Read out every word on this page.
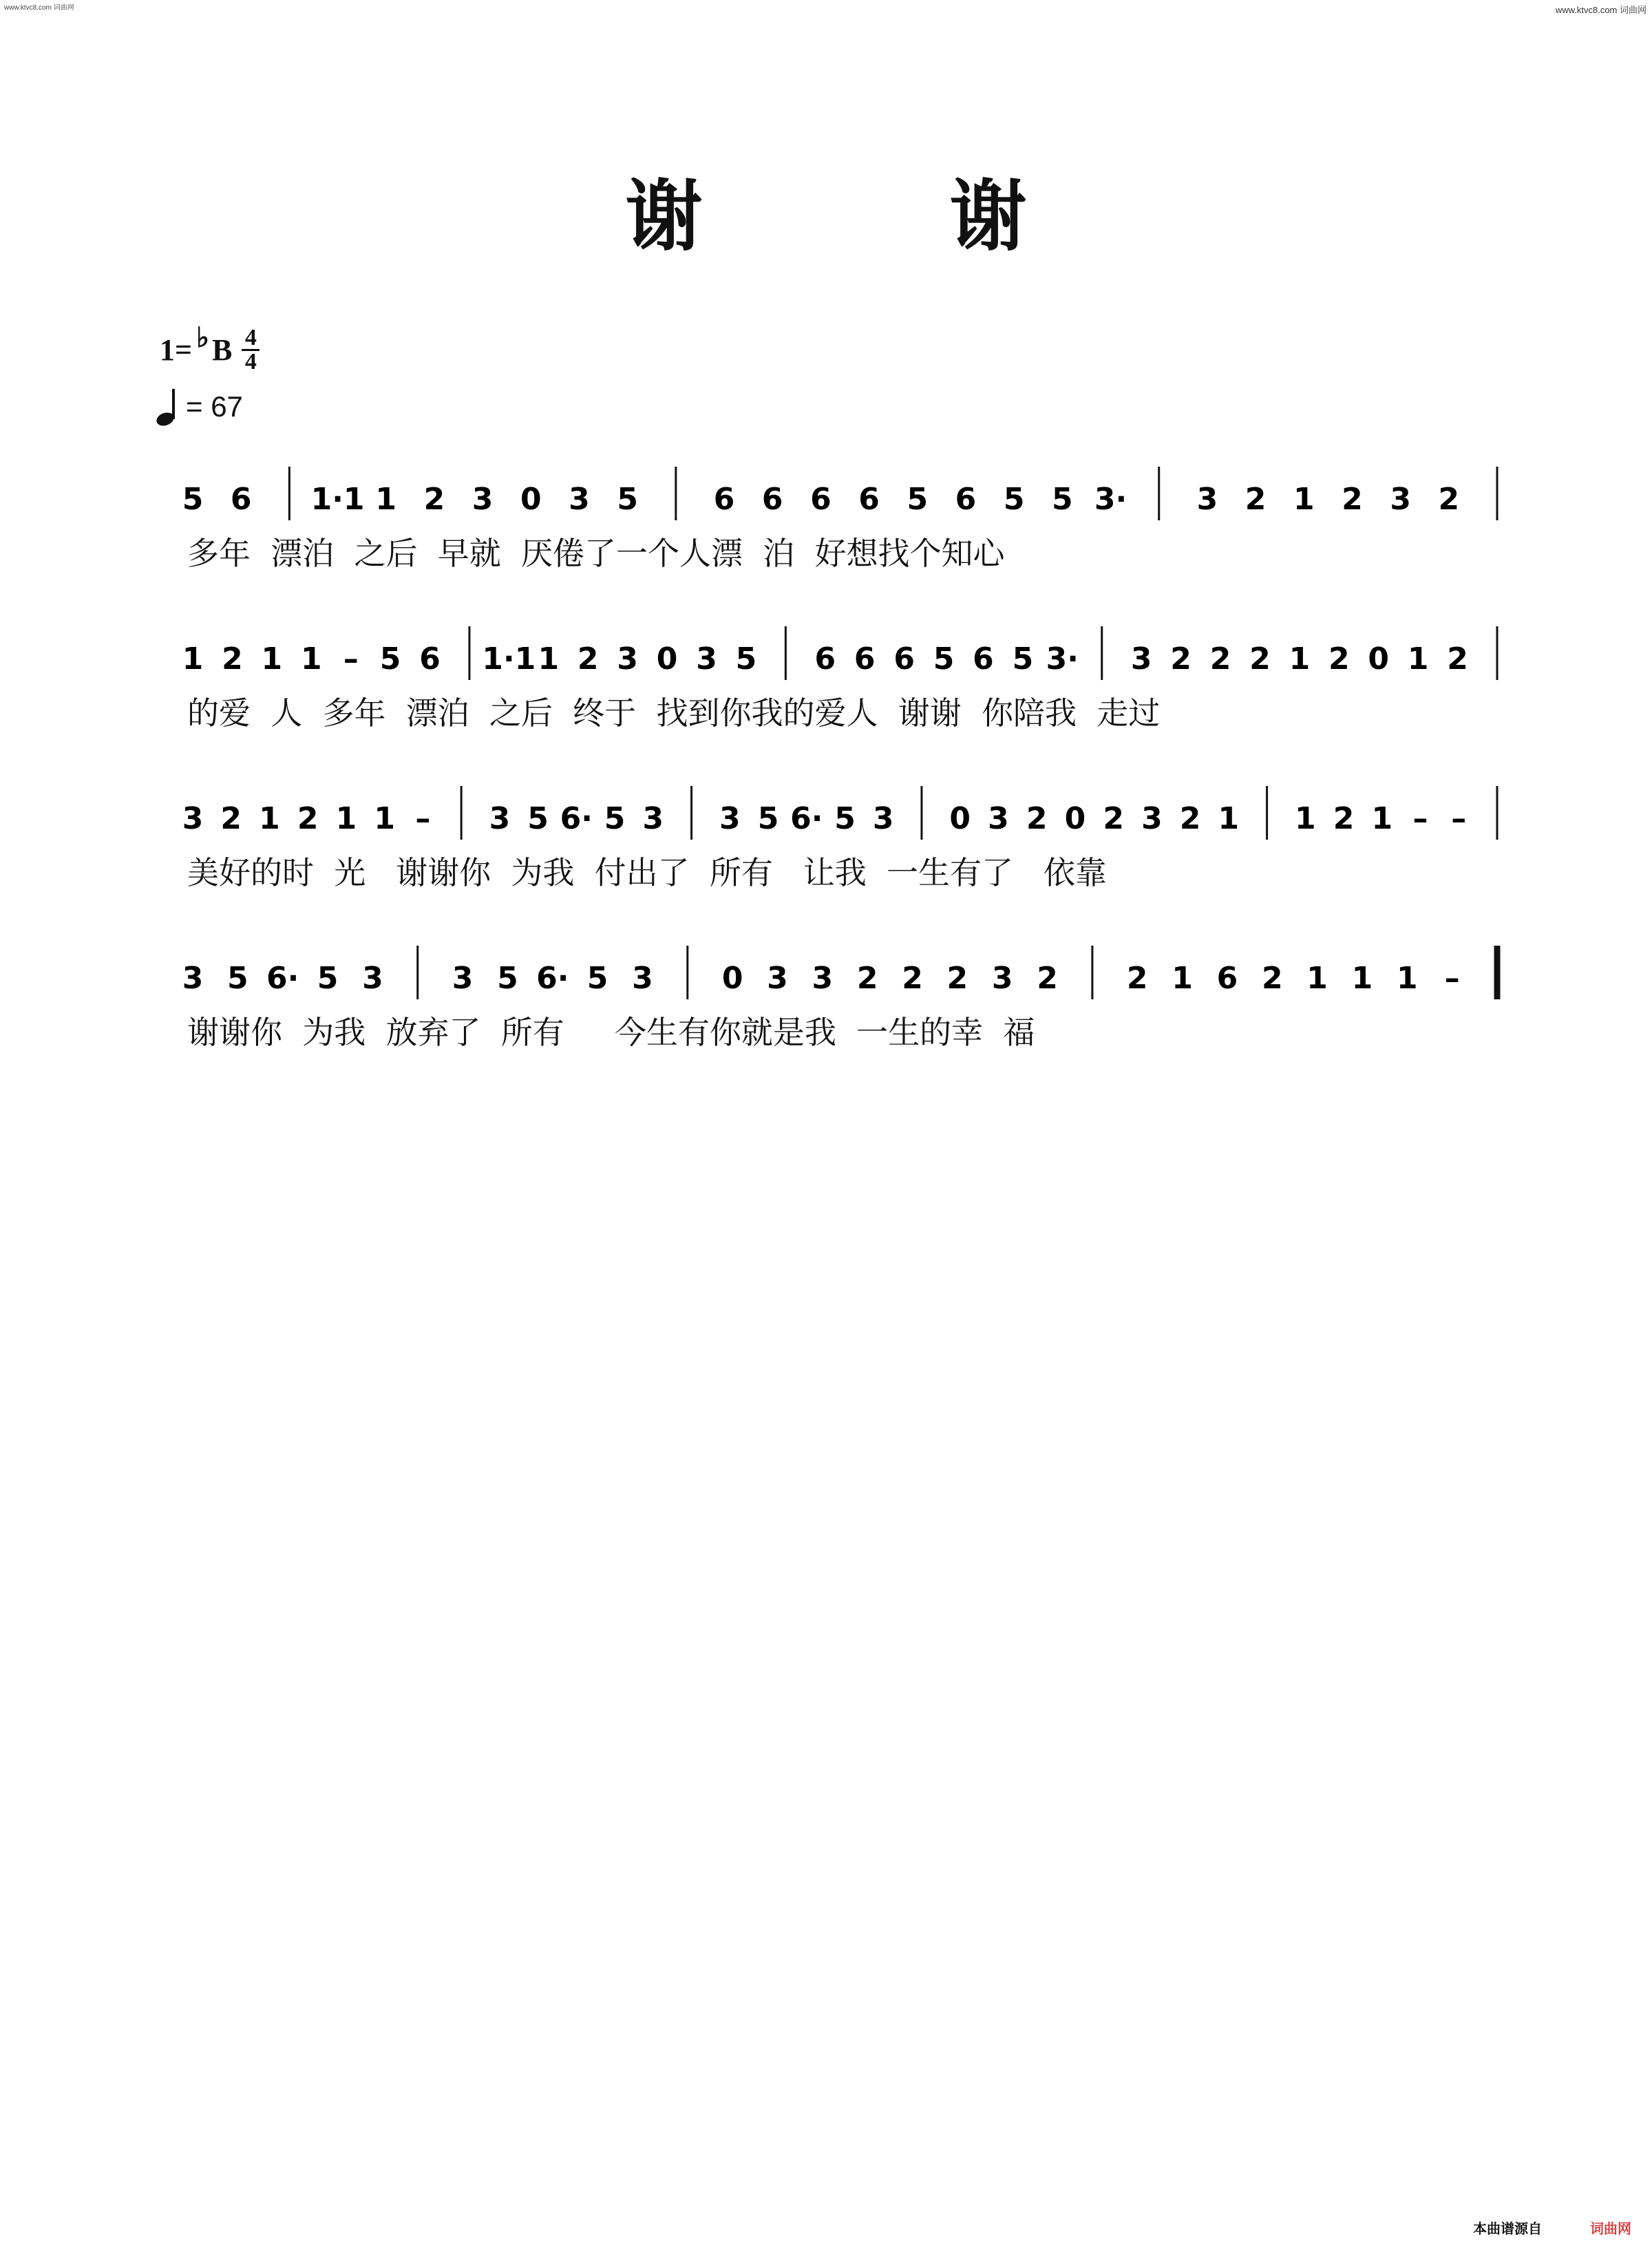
www.ktvc8.com 词曲网	www.ktvc8.com 词曲网
谢 谢
1= ♭ B 4
4
= 67
5 6 1·1 1 2 3 0 3 5 6 6 6 6 5 6 5 5 3· 3 2 1 2 3 2
1 2 1 1 – 5 6 1·1 1 2 3 0 3 5 6 6 6 5 6 5 3· 3 2 2 2 1 2 0 1 2
3 2 1 2 1 1 – 3 5 6· 5 3 3 5 6· 5 3 0 3 2 0 2 3 2 1 1 2 1 – –
3 5 6· 5 3 3 5 6· 5 3 0 3 3 2 2 2 3 2 2 1 6 2 1 1 1 –
多年  漂泊  之后  早就  厌倦了一个人漂  泊  好想找个知心
的爱  人  多年  漂泊  之后  终于  找到你我的爱人  谢谢  你陪我  走过
美好的时  光   谢谢你  为我  付出了  所有   让我  一生有了   依靠
谢谢你  为我  放弃了  所有     今生有你就是我  一生的幸  福
本曲谱源自	词曲网
